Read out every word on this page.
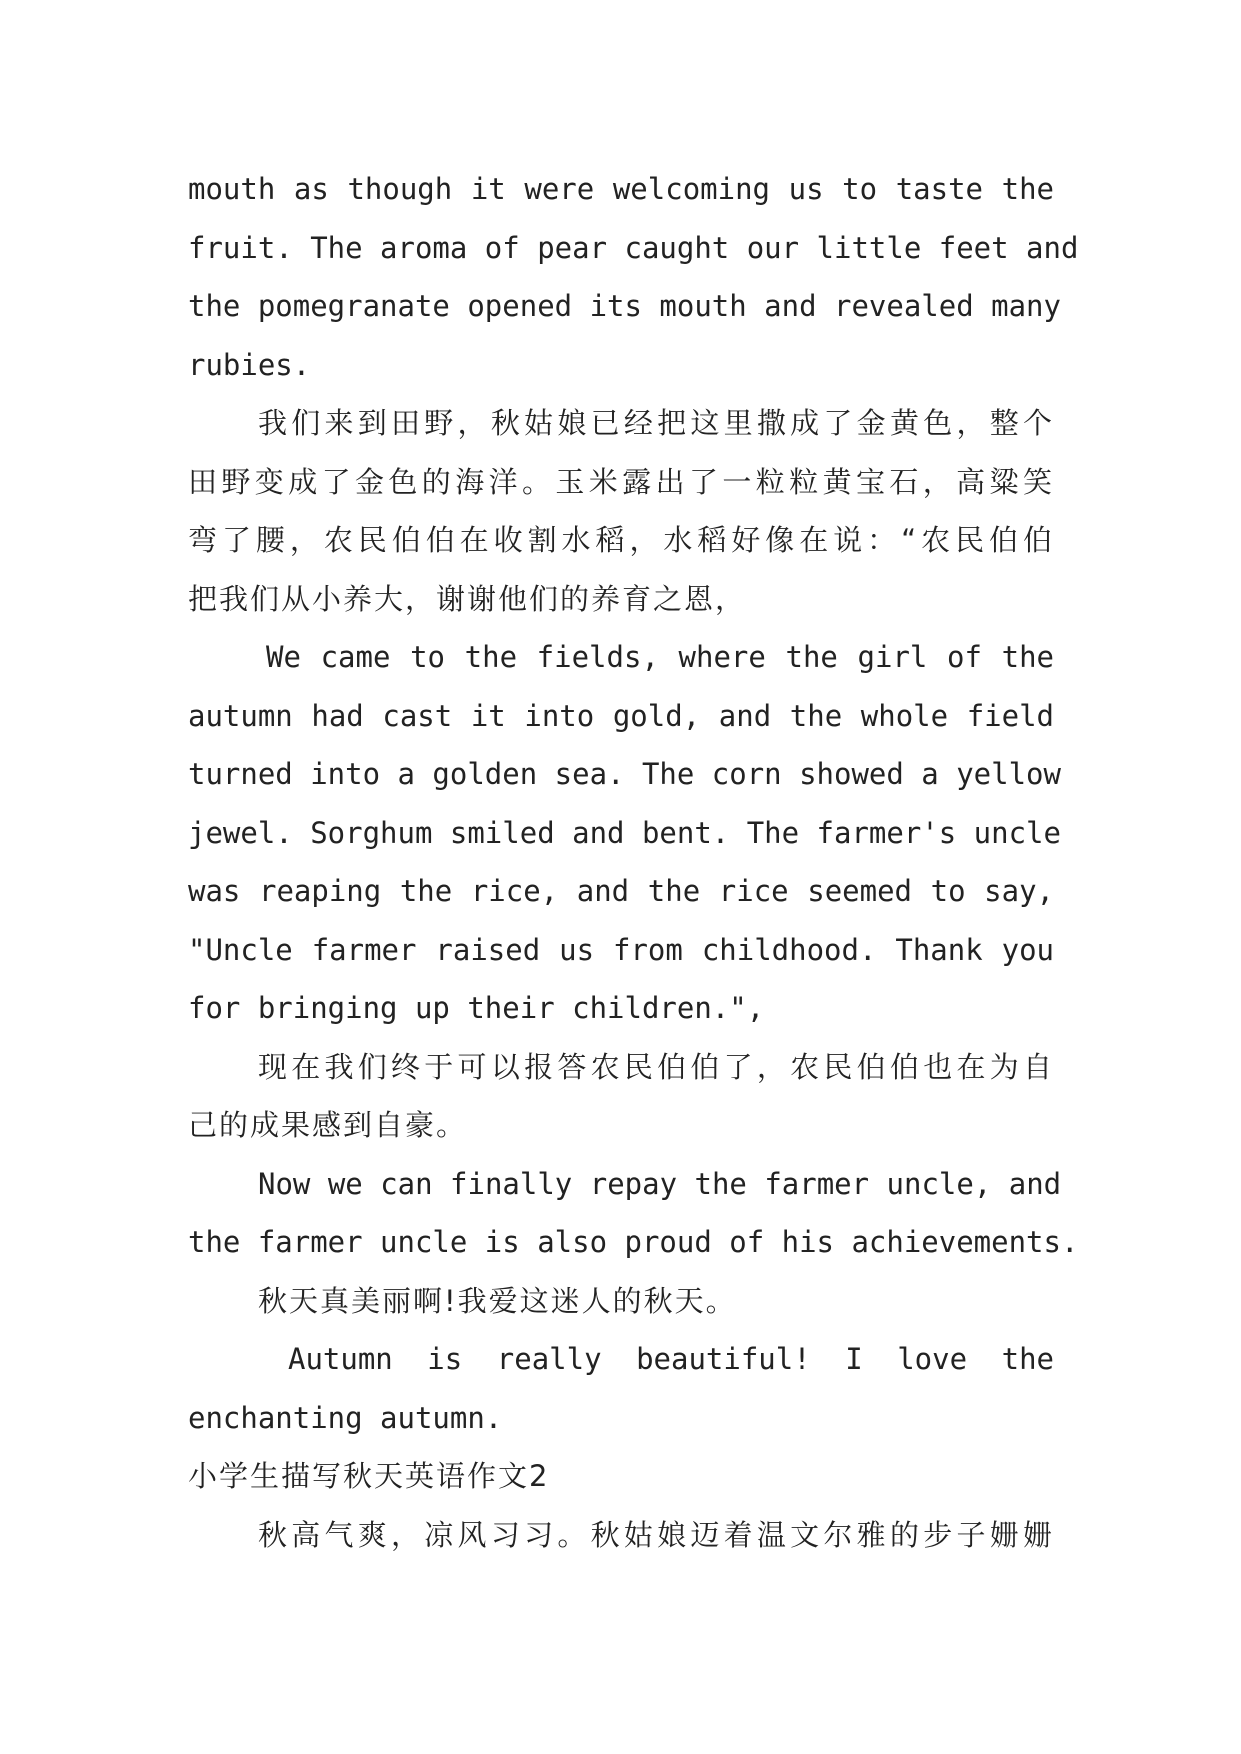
mouth as though it were welcoming us to taste the
fruit. The aroma of pear caught our little feet and
the pomegranate opened its mouth and revealed many
rubies.
我们来到田野，秋姑娘已经把这里撒成了金黄色，整个
田野变成了金色的海洋。玉米露出了一粒粒黄宝石，高粱笑
弯了腰，农民伯伯在收割水稻，水稻好像在说：“农民伯伯
把我们从小养大，谢谢他们的养育之恩，
We came to the fields, where the girl of the
autumn had cast it into gold, and the whole field
turned into a golden sea. The corn showed a yellow
jewel. Sorghum smiled and bent. The farmer's uncle
was reaping the rice, and the rice seemed to say,
"Uncle farmer raised us from childhood. Thank you
for bringing up their children.",
现在我们终于可以报答农民伯伯了，农民伯伯也在为自
己的成果感到自豪。
Now we can finally repay the farmer uncle, and
the farmer uncle is also proud of his achievements.
秋天真美丽啊!我爱这迷人的秋天。
Autumn is really beautiful! I love the
enchanting autumn.
小学生描写秋天英语作文2
秋高气爽，凉风习习。秋姑娘迈着温文尔雅的步子姗姗
